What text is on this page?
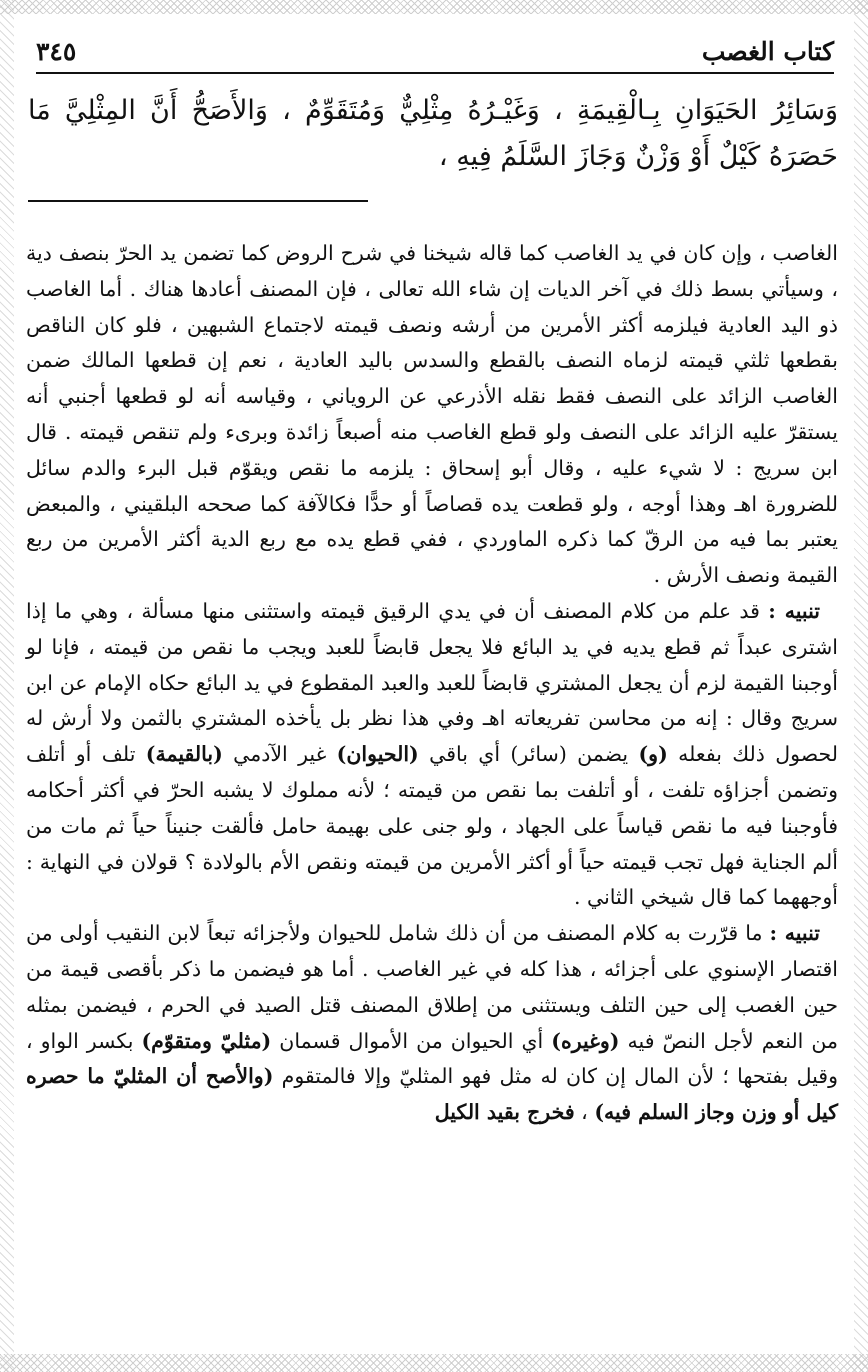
كتاب الغصب
٣٤٥
وَسَائِرُ الحَيَوَانِ بِـالْقِيمَةِ ، وَغَيْـرُهُ مِثْلِيٌّ وَمُتَقَوِّمٌ ، وَالأَصَحُّ أَنَّ المِثْلِيَّ مَا حَصَرَهُ كَيْلٌ أَوْ وَزْنٌ وَجَازَ السَّلَمُ فِيهِ ،

الغاصب ، وإن كان في يد الغاصب كما قاله شيخنا في شرح الروض كما تضمن يد الحرّ بنصف دية ، وسيأتي بسط ذلك في آخر الديات إن شاء الله تعالى ، فإن المصنف أعادها هناك . أما الغاصب ذو اليد العادية فيلزمه أكثر الأمرين من أرشه ونصف قيمته لاجتماع الشبهين ، فلو كان الناقص بقطعها ثلثي قيمته لزماه النصف بالقطع والسدس باليد العادية ، نعم إن قطعها المالك ضمن الغاصب الزائد على النصف فقط نقله الأذرعي عن الروياني ، وقياسه أنه لو قطعها أجنبي أنه يستقرّ عليه الزائد على النصف ولو قطع الغاصب منه أصبعاً زائدة وبرىء ولم تنقص قيمته . قال ابن سريج : لا شيء عليه ، وقال أبو إسحاق : يلزمه ما نقص ويقوّم قبل البرء والدم سائل للضرورة اهـ وهذا أوجه ، ولو قطعت يده قصاصاً أو حدًّا فكالآفة كما صححه البلقيني ، والمبعض يعتبر بما فيه من الرقّ كما ذكره الماوردي ، ففي قطع يده مع ربع الدية أكثر الأمرين من ربع القيمة ونصف الأرش .

تنبيه : قد علم من كلام المصنف أن في يدي الرقيق قيمته واستثنى منها مسألة ، وهي ما إذا اشترى عبداً ثم قطع يديه في يد البائع فلا يجعل قابضاً للعبد ويجب ما نقص من قيمته ، فإنا لو أوجبنا القيمة لزم أن يجعل المشتري قابضاً للعبد والعبد المقطوع في يد البائع حكاه الإمام عن ابن سريج وقال : إنه من محاسن تفريعاته اهـ وفي هذا نظر بل يأخذه المشتري بالثمن ولا أرش له لحصول ذلك بفعله (و) يضمن (سائر) أي باقي (الحيوان) غير الآدمي (بالقيمة) تلف أو أتلف وتضمن أجزاؤه تلفت ، أو أتلفت بما نقص من قيمته ؛ لأنه مملوك لا يشبه الحرّ في أكثر أحكامه فأوجبنا فيه ما نقص قياساً على الجهاد ، ولو جنى على بهيمة حامل فألقت جنيناً حياً ثم مات من ألم الجناية فهل تجب قيمته حياً أو أكثر الأمرين من قيمته ونقص الأم بالولادة ؟ قولان في النهاية : أوجههما كما قال شيخي الثاني .

تنبيه : ما قرّرت به كلام المصنف من أن ذلك شامل للحيوان ولأجزائه تبعاً لابن النقيب أولى من اقتصار الإسنوي على أجزائه ، هذا كله في غير الغاصب . أما هو فيضمن ما ذكر بأقصى قيمة من حين الغصب إلى حين التلف ويستثنى من إطلاق المصنف قتل الصيد في الحرم ، فيضمن بمثله من النعم لأجل النصّ فيه (وغيره) أي الحيوان من الأموال قسمان (مثليّ ومتقوّم) بكسر الواو ، وقيل بفتحها ؛ لأن المال إن كان له مثل فهو المثليّ وإلا فالمتقوم (والأصح أن المثليّ ما حصره كيل أو وزن وجاز السلم فيه) ، فخرج بقيد الكيل
